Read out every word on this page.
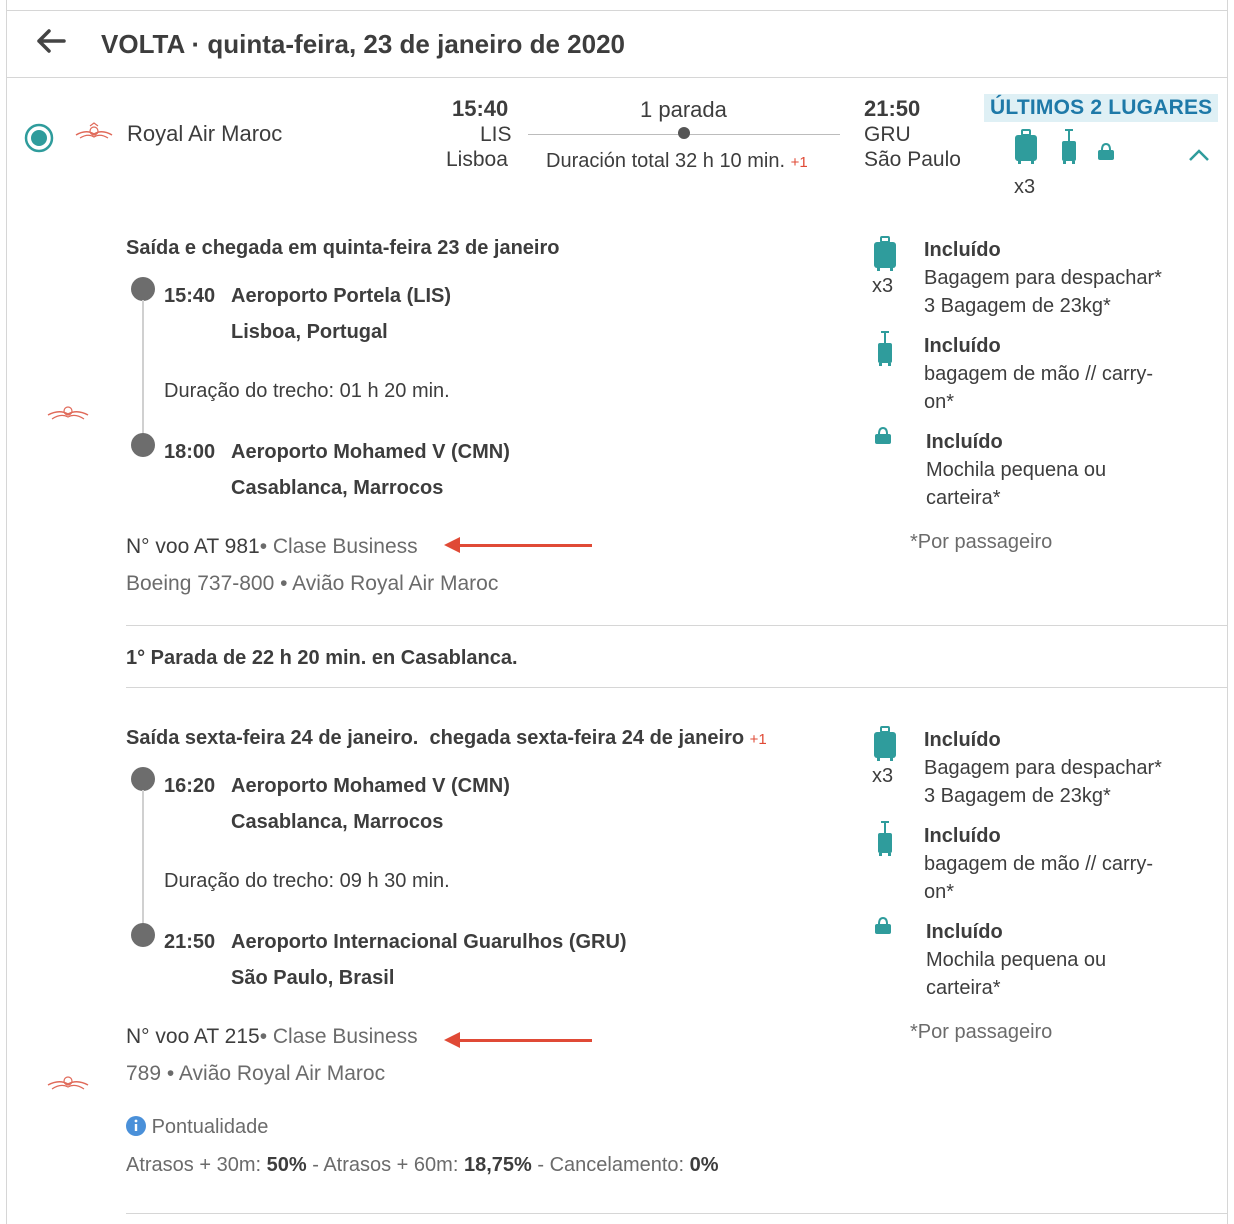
VOLTA · quinta-feira, 23 de janeiro de 2020
Royal Air Maroc
15:40
LIS
Lisboa
1 parada
Duración total 32 h 10 min. +1
21:50
GRU
São Paulo
ÚLTIMOS 2 LUGARES
x3
Saída e chegada em quinta-feira 23 de janeiro
15:40 Aeroporto Portela (LIS)
Lisboa, Portugal
Duração do trecho: 01 h 20 min.
18:00 Aeroporto Mohamed V (CMN)
Casablanca, Marrocos
N° voo AT 981• Clase Business
Boeing 737-800 • Avião Royal Air Maroc
x3
Incluído
Bagagem para despachar*
3 Bagagem de 23kg*
Incluído
bagagem de mão // carry-
on*
Incluído
Mochila pequena ou
carteira*
*Por passageiro
1° Parada de 22 h 20 min. en Casablanca.
Saída sexta-feira 24 de janeiro.  chegada sexta-feira 24 de janeiro +1
16:20 Aeroporto Mohamed V (CMN)
Casablanca, Marrocos
Duração do trecho: 09 h 30 min.
21:50 Aeroporto Internacional Guarulhos (GRU)
São Paulo, Brasil
N° voo AT 215• Clase Business
789 • Avião Royal Air Maroc
Pontualidade
Atrasos + 30m: 50% - Atrasos + 60m: 18,75% - Cancelamento: 0%
x3
Incluído
Bagagem para despachar*
3 Bagagem de 23kg*
Incluído
bagagem de mão // carry-
on*
Incluído
Mochila pequena ou
carteira*
*Por passageiro
